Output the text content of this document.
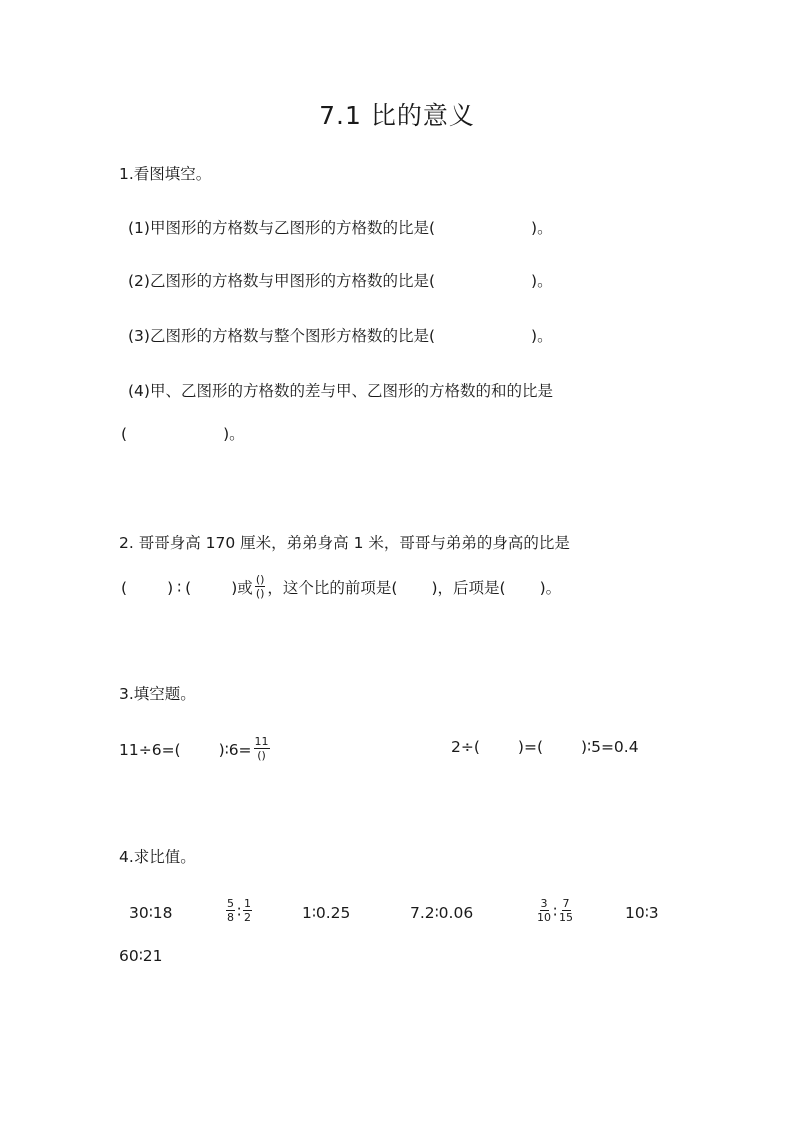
7.1 比的意义
1.看图填空。
(1)甲图形的方格数与乙图形的方格数的比是(	)。
(2)乙图形的方格数与甲图形的方格数的比是(	)。
(3)乙图形的方格数与整个图形方格数的比是(	)。
(4)甲、乙图形的方格数的差与甲、乙图形的方格数的和的比是
(	)。
2. 哥哥身高 170 厘米，弟弟身高 1 米，哥哥与弟弟的身高的比是
(	) ∶ (	)或 $\frac{()}{()}$ ，这个比的前项是( )，后项是( )。
3.填空题。
11÷6=( )∶6= $\frac{11}{()}$	2÷( )=( )∶5=0.4
4.求比值。
30∶18	$\frac{5}{8}$ ∶ $\frac{1}{2}$	1∶0.25	7.2∶0.06	$\frac{3}{10}$ ∶ $\frac{7}{15}$	10∶3
60∶21
